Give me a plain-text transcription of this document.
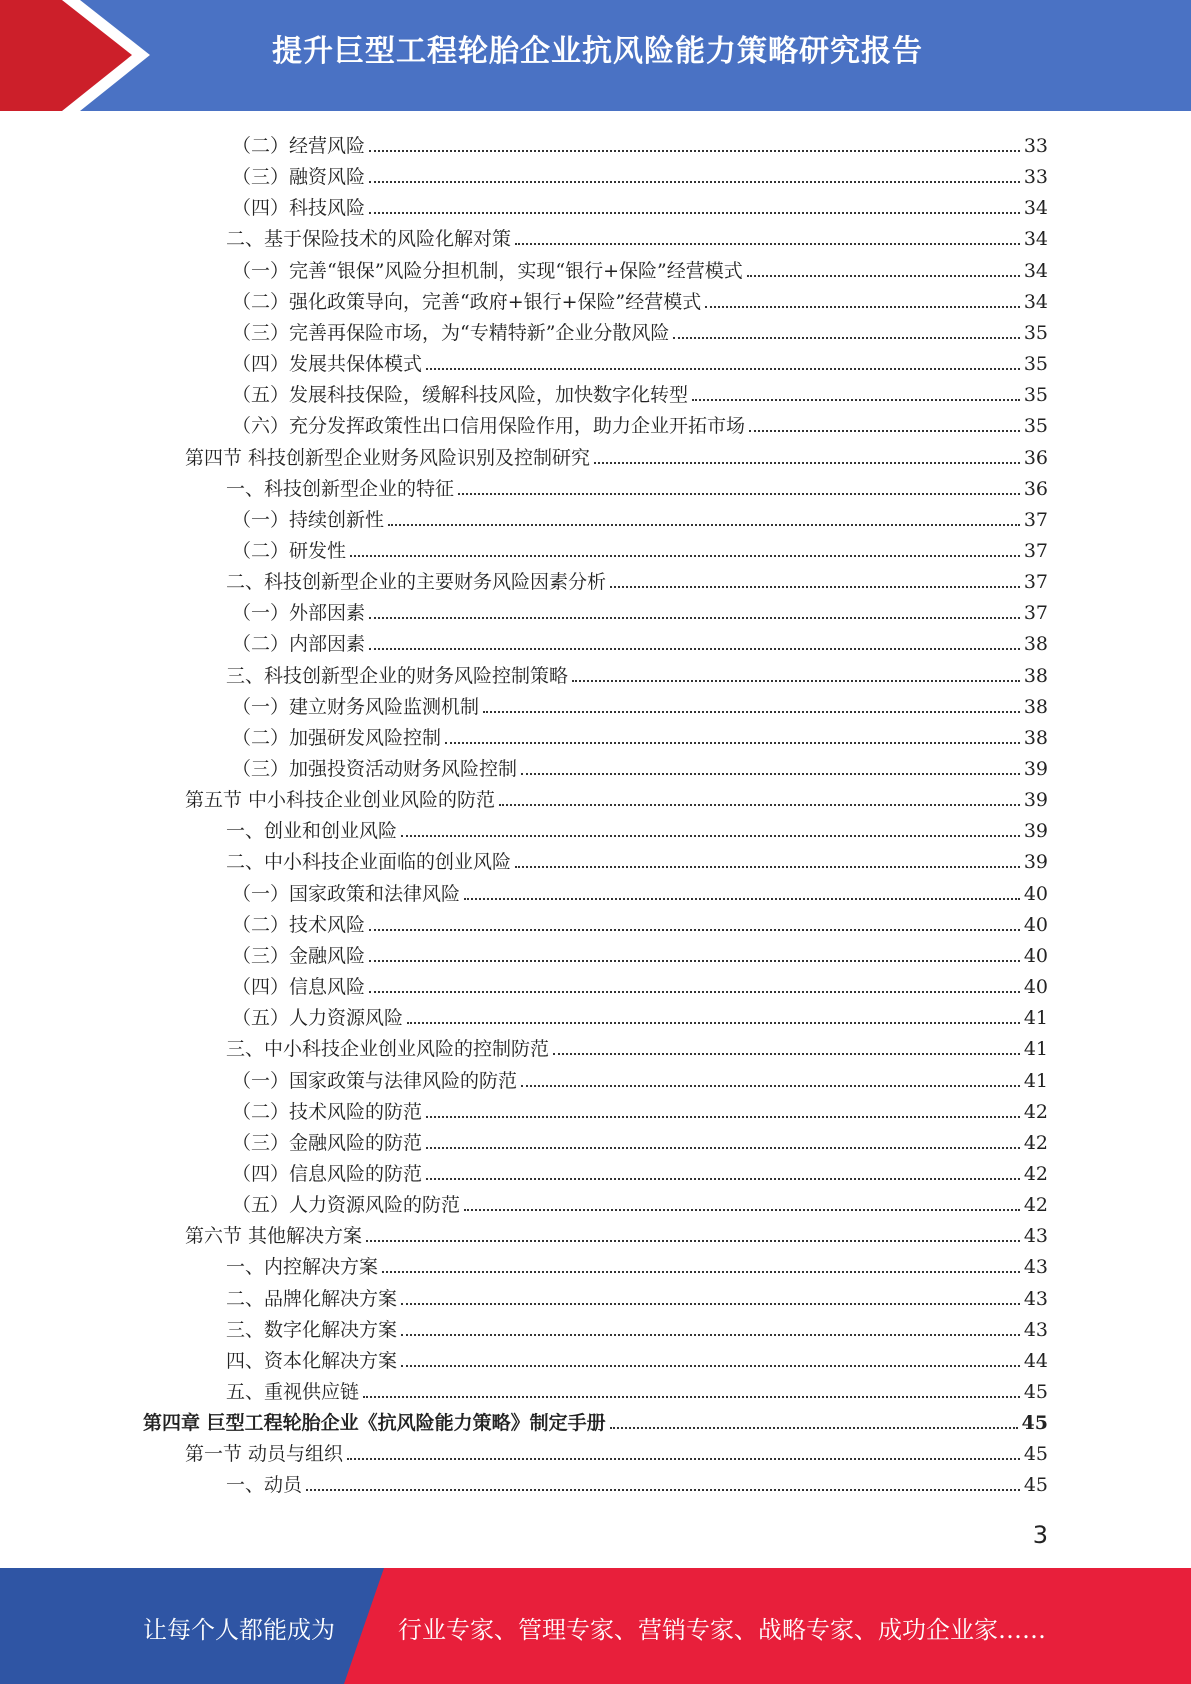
提升巨型工程轮胎企业抗风险能力策略研究报告
（二）经营风险	33
（三）融资风险	33
（四）科技风险	34
二、基于保险技术的风险化解对策	34
（一）完善“银保”风险分担机制，实现“银行+保险”经营模式	34
（二）强化政策导向，完善“政府+银行+保险”经营模式	34
（三）完善再保险市场，为“专精特新”企业分散风险	35
（四）发展共保体模式	35
（五）发展科技保险，缓解科技风险，加快数字化转型	35
（六）充分发挥政策性出口信用保险作用，助力企业开拓市场	35
第四节 科技创新型企业财务风险识别及控制研究	36
一、科技创新型企业的特征	36
（一）持续创新性	37
（二）研发性	37
二、科技创新型企业的主要财务风险因素分析	37
（一）外部因素	37
（二）内部因素	38
三、科技创新型企业的财务风险控制策略	38
（一）建立财务风险监测机制	38
（二）加强研发风险控制	38
（三）加强投资活动财务风险控制	39
第五节 中小科技企业创业风险的防范	39
一、创业和创业风险	39
二、中小科技企业面临的创业风险	39
（一）国家政策和法律风险	40
（二）技术风险	40
（三）金融风险	40
（四）信息风险	40
（五）人力资源风险	41
三、中小科技企业创业风险的控制防范	41
（一）国家政策与法律风险的防范	41
（二）技术风险的防范	42
（三）金融风险的防范	42
（四）信息风险的防范	42
（五）人力资源风险的防范	42
第六节 其他解决方案	43
一、内控解决方案	43
二、品牌化解决方案	43
三、数字化解决方案	43
四、资本化解决方案	44
五、重视供应链	45
第四章 巨型工程轮胎企业《抗风险能力策略》制定手册	45
第一节 动员与组织	45
一、动员	45
3
让每个人都能成为	行业专家、管理专家、营销专家、战略专家、成功企业家……
